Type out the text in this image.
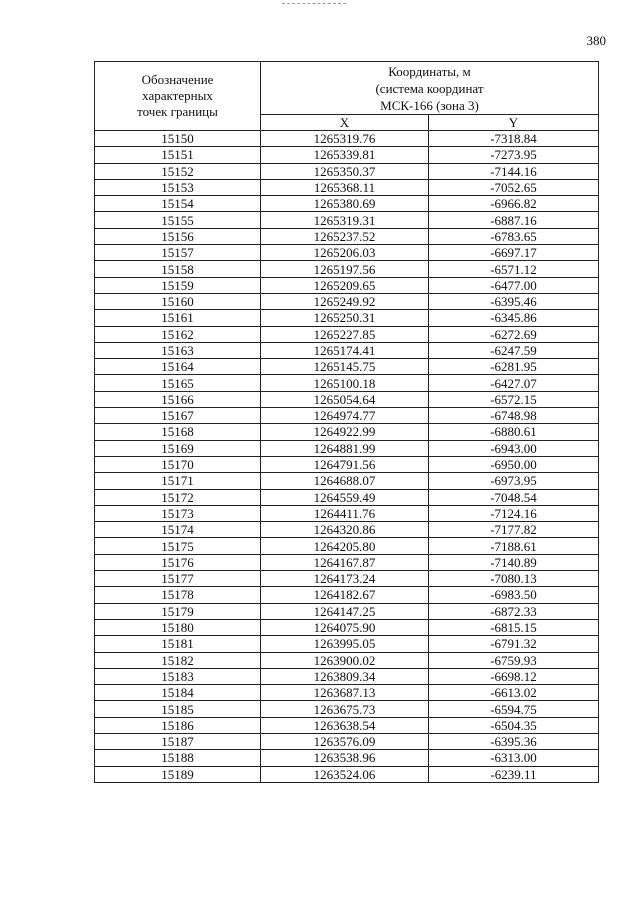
380
Обозначение
характерных
точек границы	Координаты, м
(система координат
МСК-166 (зона 3)	

	X	Y
15150	1265319.76	-7318.84
15151	1265339.81	-7273.95
15152	1265350.37	-7144.16
15153	1265368.11	-7052.65
15154	1265380.69	-6966.82
15155	1265319.31	-6887.16
15156	1265237.52	-6783.65
15157	1265206.03	-6697.17
15158	1265197.56	-6571.12
15159	1265209.65	-6477.00
15160	1265249.92	-6395.46
15161	1265250.31	-6345.86
15162	1265227.85	-6272.69
15163	1265174.41	-6247.59
15164	1265145.75	-6281.95
15165	1265100.18	-6427.07
15166	1265054.64	-6572.15
15167	1264974.77	-6748.98
15168	1264922.99	-6880.61
15169	1264881.99	-6943.00
15170	1264791.56	-6950.00
15171	1264688.07	-6973.95
15172	1264559.49	-7048.54
15173	1264411.76	-7124.16
15174	1264320.86	-7177.82
15175	1264205.80	-7188.61
15176	1264167.87	-7140.89
15177	1264173.24	-7080.13
15178	1264182.67	-6983.50
15179	1264147.25	-6872.33
15180	1264075.90	-6815.15
15181	1263995.05	-6791.32
15182	1263900.02	-6759.93
15183	1263809.34	-6698.12
15184	1263687.13	-6613.02
15185	1263675.73	-6594.75
15186	1263638.54	-6504.35
15187	1263576.09	-6395.36
15188	1263538.96	-6313.00
15189	1263524.06	-6239.11
